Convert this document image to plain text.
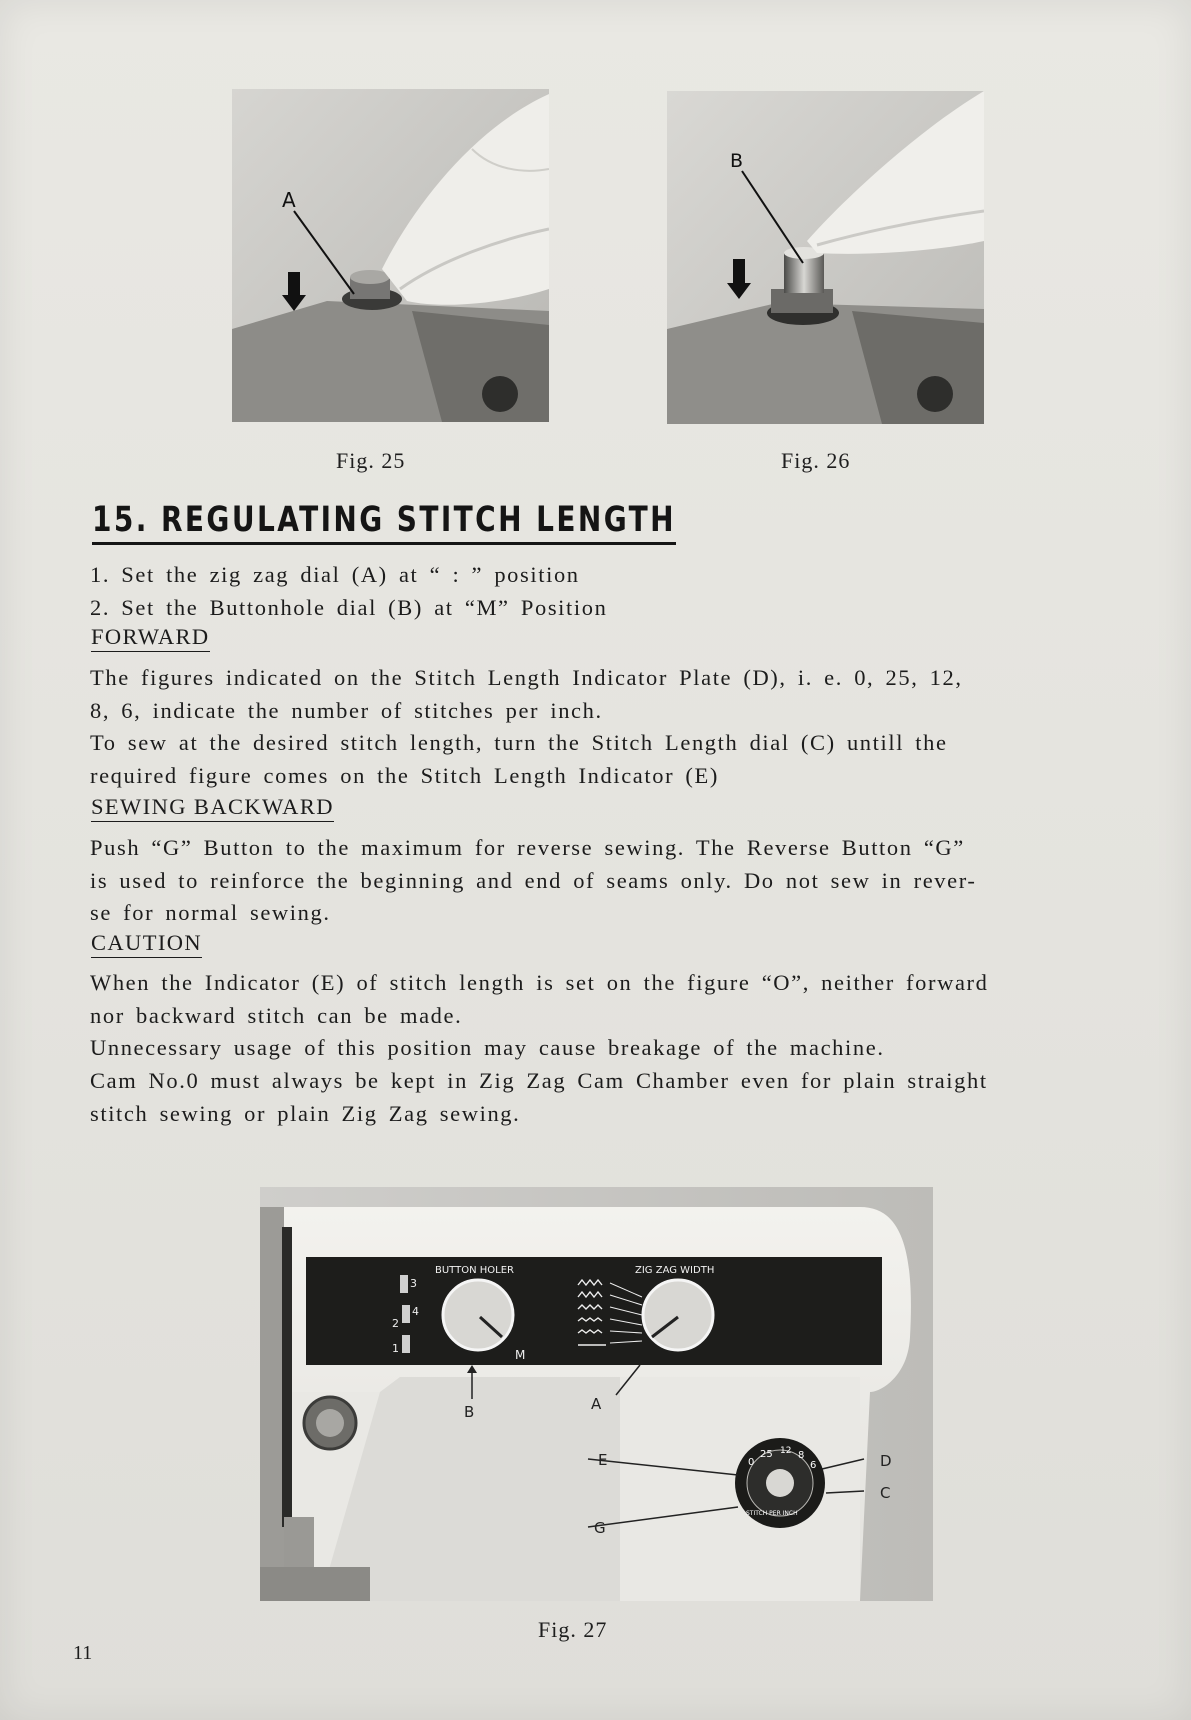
A
Fig. 25
B
Fig. 26
15. REGULATING STITCH LENGTH
1. Set the zig zag dial (A) at “ : ” position
2. Set the Buttonhole dial (B) at “M” Position
FORWARD
The figures indicated on the Stitch Length Indicator Plate (D), i. e. 0, 25, 12,
8, 6, indicate the number of stitches per inch.
To sew at the desired stitch length, turn the Stitch Length dial (C) untill the
required figure comes on the Stitch Length Indicator (E)
SEWING BACKWARD
Push “G” Button to the maximum for reverse sewing. The Reverse Button “G”
is used to reinforce the beginning and end of seams only. Do not sew in rever-
se for normal sewing.
CAUTION
When the Indicator (E) of stitch length is set on the figure “O”, neither forward
nor backward stitch can be made.
Unnecessary usage of this position may cause breakage of the machine.
Cam No.0 must always be kept in Zig Zag Cam Chamber even for plain straight
stitch sewing or plain Zig Zag sewing.
BUTTON HOLER	ZIG ZAG WIDTH
3
4
2
1	M
B	A
0
25 12 8
6
STITCH PER INCH
E
G
D
C
Fig. 27
11
